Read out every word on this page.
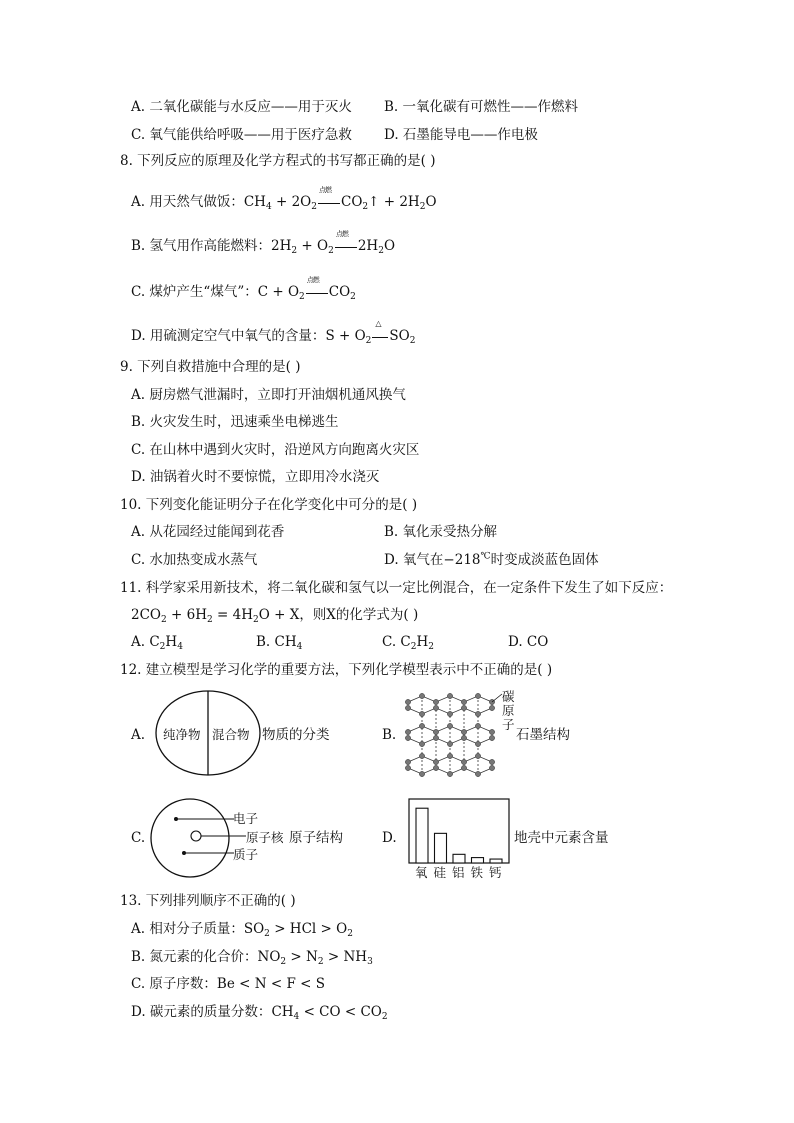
A. 二氧化碳能与水反应——用于灭火 B. 一氧化碳有可燃性——作燃料
C. 氧气能供给呼吸——用于医疗急救 D. 石墨能导电——作电极
8. 下列反应的原理及化学方程式的书写都正确的是( )
A. 用天然气做饭：$CH_4 + 2O_2$
点燃
$CO_2↑ + 2H_2O$
B. 氢气用作高能燃料：$2H_2 + O_2$
点燃
$2H_2O$
C. 煤炉产生“煤气”：$C + O_2$
点燃
$CO_2$
D. 用硫测定空气中氧气的含量：$S + O_2$
△
$SO_2$
9. 下列自救措施中合理的是( )
A. 厨房燃气泄漏时，立即打开油烟机通风换气
B. 火灾发生时，迅速乘坐电梯逃生
C. 在山林中遇到火灾时，沿逆风方向跑离火灾区
D. 油锅着火时不要惊慌，立即用冷水浇灭
10. 下列变化能证明分子在化学变化中可分的是( )
A. 从花园经过能闻到花香	B. 氧化汞受热分解
C. 水加热变成水蒸气	D. 氧气在−218℃时变成淡蓝色固体
11. 科学家采用新技术，将二氧化碳和氢气以一定比例混合，在一定条件下发生了如下反应：
$2CO_2 + 6H_2 = 4H_2O + X$，则X的化学式为( )
A. $C_2H_4$	B. $CH_4$	C. $C_2H_2$	D. CO
12. 建立模型是学习化学的重要方法，下列化学模型表示中不正确的是( )
A. 纯净物 混合物 物质的分类	B.
碳
原
子
石墨结构
C.
电子
原子核
质子
原子结构	D.
氧 硅 铝 铁 钙
地壳中元素含量
13. 下列排列顺序不正确的( )
A. 相对分子质量：$SO_2$ > HCl > $O_2$
B. 氮元素的化合价：$NO_2 > N_2 > NH_3$
C. 原子序数：Be < N < F < S
D. 碳元素的质量分数：$CH_4$ < CO < $CO_2$
